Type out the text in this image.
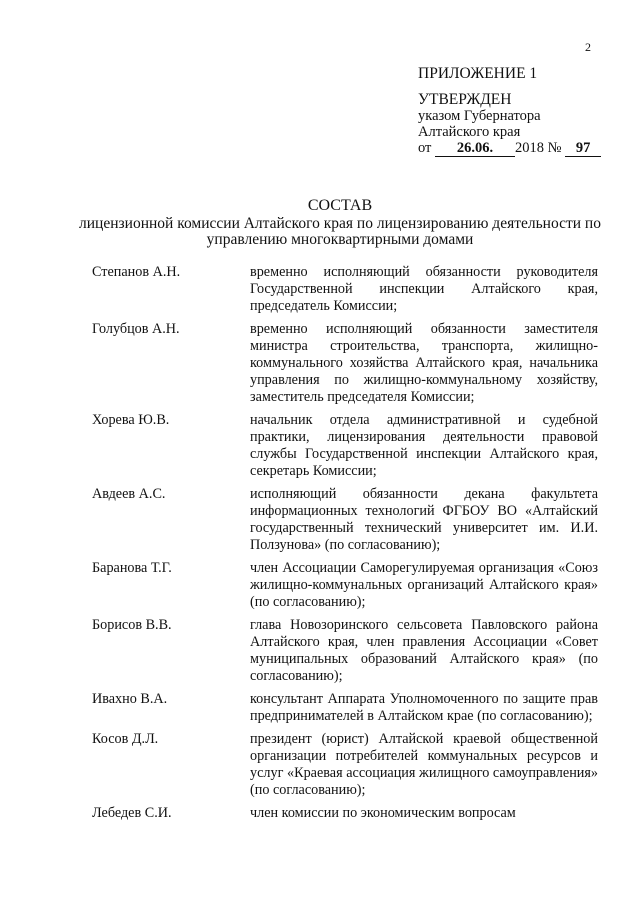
2
ПРИЛОЖЕНИЕ 1
УТВЕРЖДЕН
указом Губернатора
Алтайского края
от 26.06. 2018 № 97
СОСТАВ
лицензионной комиссии Алтайского края по лицензированию деятельности по управлению многоквартирными домами
Степанов А.Н.	временно исполняющий обязанности руководителя Государственной инспекции Алтайского края, председатель Комиссии;
Голубцов А.Н.	временно исполняющий обязанности заместителя министра строительства, транспорта, жилищно-коммунального хозяйства Алтайского края, начальника управления по жилищно-коммунальному хозяйству, заместитель председателя Комиссии;
Хорева Ю.В.	начальник отдела административной и судебной практики, лицензирования деятельности правовой службы Государственной инспекции Алтайского края, секретарь Комиссии;
Авдеев А.С.	исполняющий обязанности декана факультета информационных технологий ФГБОУ ВО «Алтайский государственный технический университет им. И.И. Ползунова» (по согласованию);
Баранова Т.Г.	член Ассоциации Саморегулируемая организация «Союз жилищно-коммунальных организаций Алтайского края» (по согласованию);
Борисов В.В.	глава Новозоринского сельсовета Павловского района Алтайского края, член правления Ассоциации «Совет муниципальных образований Алтайского края» (по согласованию);
Ивахно В.А.	консультант Аппарата Уполномоченного по защите прав предпринимателей в Алтайском крае (по согласованию);
Косов Д.Л.	президент (юрист) Алтайской краевой общественной организации потребителей коммунальных ресурсов и услуг «Краевая ассоциация жилищного самоуправления» (по согласованию);
Лебедев С.И.	член комиссии по экономическим вопросам
